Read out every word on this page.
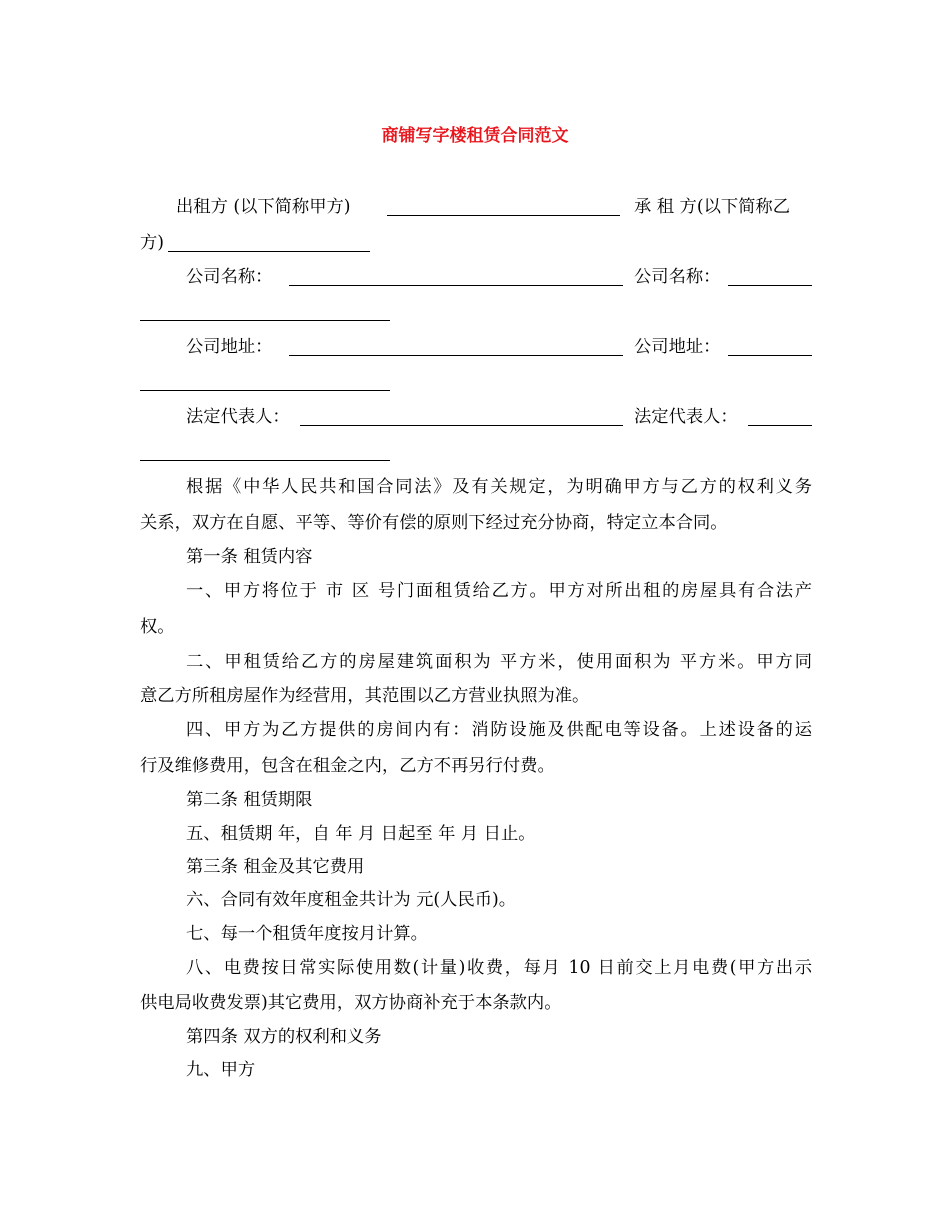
商铺写字楼租赁合同范文
出租方 (以下简称甲方)	承 租 方(以下简称乙
方)
公司名称：	公司名称：
公司地址：	公司地址：
法定代表人：	法定代表人：
根据《中华人民共和国合同法》及有关规定，为明确甲方与乙方的权利义务
关系，双方在自愿、平等、等价有偿的原则下经过充分协商，特定立本合同。
第一条 租赁内容
一、甲方将位于 市 区 号门面租赁给乙方。甲方对所出租的房屋具有合法产
权。
二、甲租赁给乙方的房屋建筑面积为 平方米，使用面积为 平方米。甲方同
意乙方所租房屋作为经营用，其范围以乙方营业执照为准。
四、甲方为乙方提供的房间内有：消防设施及供配电等设备。上述设备的运
行及维修费用，包含在租金之内，乙方不再另行付费。
第二条 租赁期限
五、租赁期 年，自 年 月 日起至 年 月 日止。
第三条 租金及其它费用
六、合同有效年度租金共计为 元(人民币)。
七、每一个租赁年度按月计算。
八、电费按日常实际使用数(计量)收费，每月 10 日前交上月电费(甲方出示
供电局收费发票)其它费用，双方协商补充于本条款内。
第四条 双方的权利和义务
九、甲方
